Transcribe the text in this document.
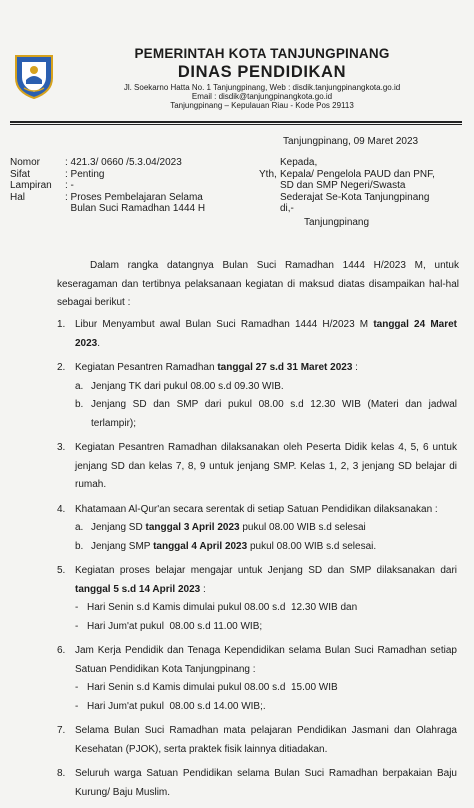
PEMERINTAH KOTA TANJUNGPINANG
DINAS PENDIDIKAN
Jl. Soekarno Hatta No. 1 Tanjungpinang, Web : disdik.tanjungpinangkota.go.id
Email : disdik@tanjungpinangkota.go.id
Tanjungpinang – Kepulauan Riau - Kode Pos 29113
Tanjungpinang, 09 Maret 2023
Nomor	: 421.3/ 0660 /5.3.04/2023
Sifat	: Penting
Lampiran	: -
Hal	: Proses Pembelajaran Selama
Bulan Suci Ramadhan 1444 H
Kepada,
Yth, Kepala/ Pengelola PAUD dan PNF,
SD dan SMP Negeri/Swasta
Sederajat Se-Kota Tanjungpinang
di,-
Tanjungpinang
Dalam rangka datangnya Bulan Suci Ramadhan 1444 H/2023 M, untuk keseragaman dan tertibnya pelaksanaan kegiatan di maksud diatas disampaikan hal-hal sebagai berikut :
1. Libur Menyambut awal Bulan Suci Ramadhan 1444 H/2023 M tanggal 24 Maret 2023.
2. Kegiatan Pesantren Ramadhan tanggal 27 s.d 31 Maret 2023 :
a. Jenjang TK dari pukul 08.00 s.d 09.30 WIB.
b. Jenjang SD dan SMP dari pukul 08.00 s.d 12.30 WIB (Materi dan jadwal terlampir);
3. Kegiatan Pesantren Ramadhan dilaksanakan oleh Peserta Didik kelas 4, 5, 6 untuk jenjang SD dan kelas 7, 8, 9 untuk jenjang SMP. Kelas 1, 2, 3 jenjang SD belajar di rumah.
4. Khatamaan Al-Qur'an secara serentak di setiap Satuan Pendidikan dilaksanakan :
a. Jenjang SD tanggal 3 April 2023 pukul 08.00 WIB s.d selesai
b. Jenjang SMP tanggal 4 April 2023 pukul 08.00 WIB s.d selesai.
5. Kegiatan proses belajar mengajar untuk Jenjang SD dan SMP dilaksanakan dari tanggal 5 s.d 14 April 2023 :
- Hari Senin s.d Kamis dimulai pukul 08.00 s.d  12.30 WIB dan
- Hari Jum'at pukul  08.00 s.d 11.00 WIB;
6. Jam Kerja Pendidik dan Tenaga Kependidikan selama Bulan Suci Ramadhan setiap Satuan Pendidikan Kota Tanjungpinang :
- Hari Senin s.d Kamis dimulai pukul 08.00 s.d  15.00 WIB
- Hari Jum'at pukul  08.00 s.d 14.00 WIB;.
7. Selama Bulan Suci Ramadhan mata pelajaran Pendidikan Jasmani dan Olahraga Kesehatan (PJOK), serta praktek fisik lainnya ditiadakan.
8. Seluruh warga Satuan Pendidikan selama Bulan Suci Ramadhan berpakaian Baju Kurung/ Baju Muslim.
